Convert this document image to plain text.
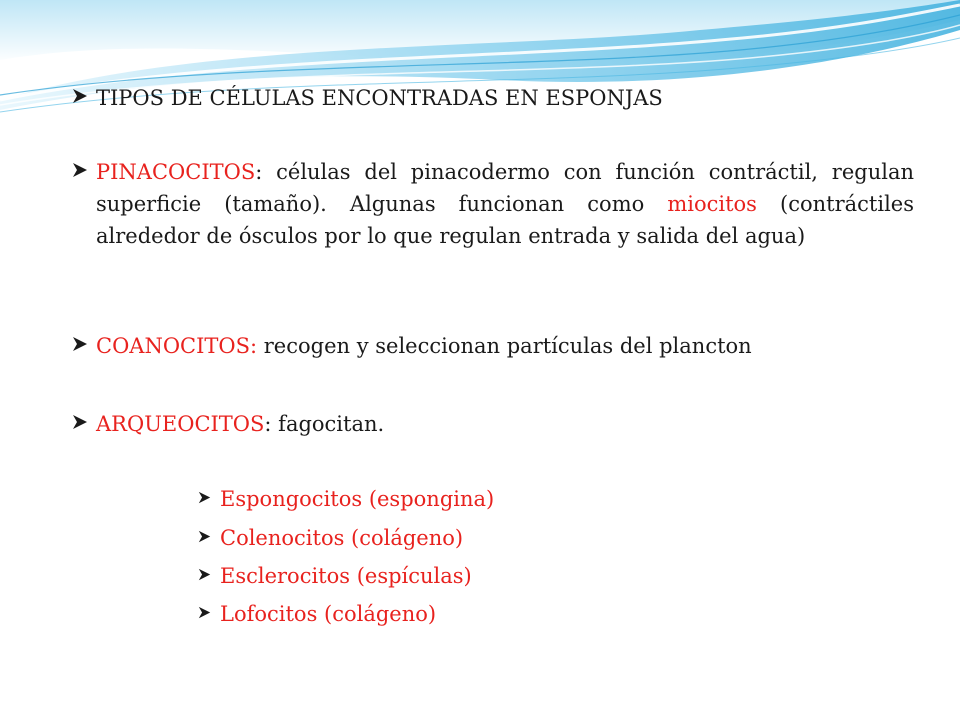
TIPOS DE CÉLULAS ENCONTRADAS EN ESPONJAS
PINACOCITOS: células del pinacodermo con función contráctil, regulan superficie (tamaño). Algunas funcionan como miocitos (contráctiles alrededor de ósculos por lo que regulan entrada y salida del agua)
COANOCITOS: recogen y seleccionan partículas del plancton
ARQUEOCITOS: fagocitan.
Espongocitos (espongina)
Colenocitos (colágeno)
Esclerocitos (espículas)
Lofocitos (colágeno)
